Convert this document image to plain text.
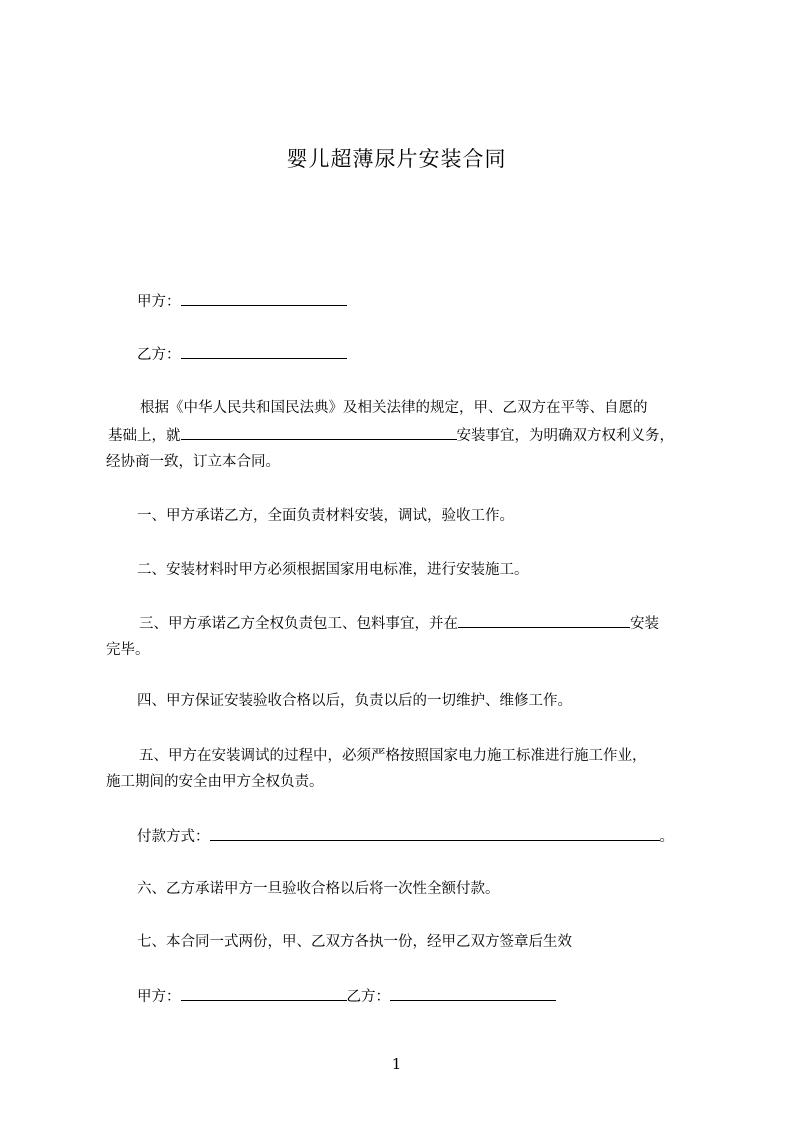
婴儿超薄尿片安装合同
甲方：
乙方：
根据《中华人民共和国民法典》及相关法律的规定，甲、乙双方在平等、自愿的
基础上，就	安装事宜，为明确双方权利义务，
经协商一致，订立本合同。
一、甲方承诺乙方，全面负责材料安装，调试，验收工作。
二、安装材料时甲方必须根据国家用电标准，进行安装施工。
三、甲方承诺乙方全权负责包工、包料事宜，并在	安装
完毕。
四、甲方保证安装验收合格以后，负责以后的一切维护、维修工作。
五、甲方在安装调试的过程中，必须严格按照国家电力施工标准进行施工作业，
施工期间的安全由甲方全权负责。
付款方式：	。
六、乙方承诺甲方一旦验收合格以后将一次性全额付款。
七、本合同一式两份，甲、乙双方各执一份，经甲乙双方签章后生效
甲方：	乙方：
1
